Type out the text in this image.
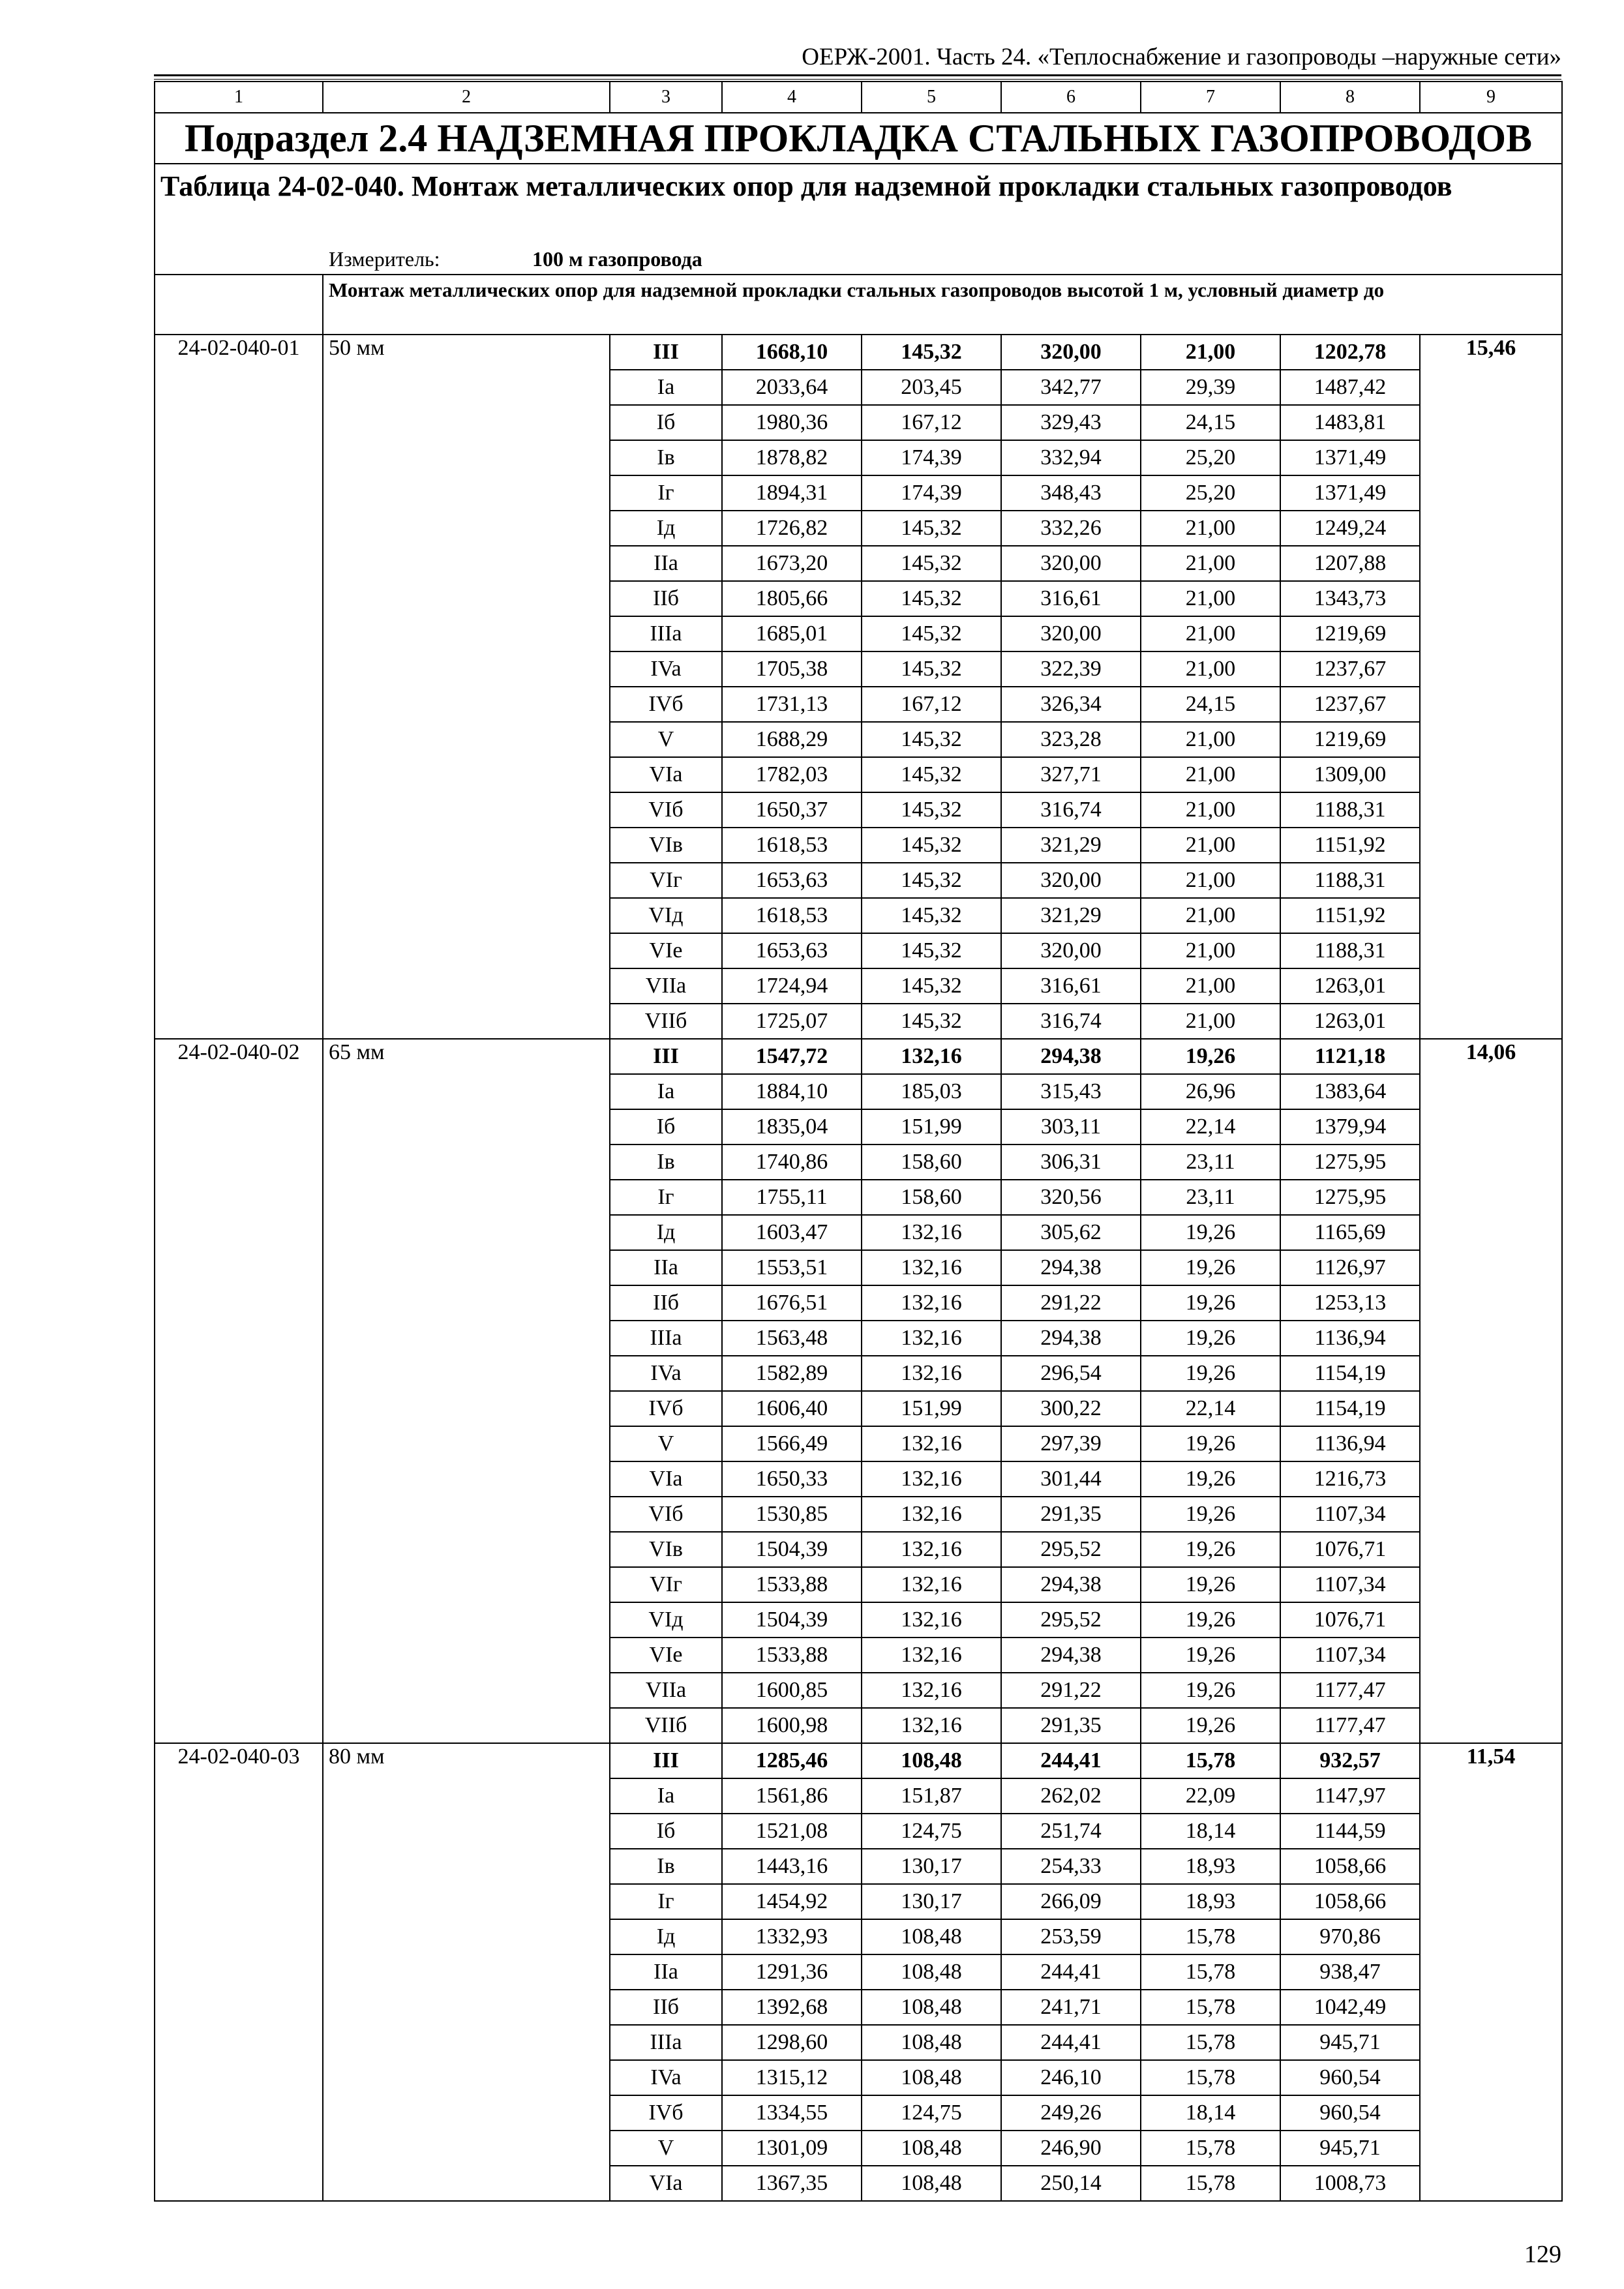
ОЕРЖ-2001. Часть 24. «Теплоснабжение и газопроводы –наружные сети»
1	2	3	4	5	6	7	8	9
Подраздел 2.4 НАДЗЕМНАЯ ПРОКЛАДКА СТАЛЬНЫХ ГАЗОПРОВОДОВ								
Таблица 24-02-040. Монтаж металлических опор для надземной прокладки стальных газопроводов								
Измеритель: 100 м газопровода								
	Монтаж металлических опор для надземной прокладки стальных газопроводов высотой 1 м, условный диаметр до							
24-02-040-01	50 мм	III	1668,10	145,32	320,00	21,00	1202,78	15,46
		Ia	2033,64	203,45	342,77	29,39	1487,42	
		Iб	1980,36	167,12	329,43	24,15	1483,81	
		Iв	1878,82	174,39	332,94	25,20	1371,49	
		Iг	1894,31	174,39	348,43	25,20	1371,49	
		Iд	1726,82	145,32	332,26	21,00	1249,24	
		IIa	1673,20	145,32	320,00	21,00	1207,88	
		IIб	1805,66	145,32	316,61	21,00	1343,73	
		IIIa	1685,01	145,32	320,00	21,00	1219,69	
		IVa	1705,38	145,32	322,39	21,00	1237,67	
		IVб	1731,13	167,12	326,34	24,15	1237,67	
		V	1688,29	145,32	323,28	21,00	1219,69	
		VIa	1782,03	145,32	327,71	21,00	1309,00	
		VIб	1650,37	145,32	316,74	21,00	1188,31	
		VIв	1618,53	145,32	321,29	21,00	1151,92	
		VIг	1653,63	145,32	320,00	21,00	1188,31	
		VIд	1618,53	145,32	321,29	21,00	1151,92	
		VIe	1653,63	145,32	320,00	21,00	1188,31	
		VIIa	1724,94	145,32	316,61	21,00	1263,01	
		VIIб	1725,07	145,32	316,74	21,00	1263,01	
24-02-040-02	65 мм	III	1547,72	132,16	294,38	19,26	1121,18	14,06
		Ia	1884,10	185,03	315,43	26,96	1383,64	
		Iб	1835,04	151,99	303,11	22,14	1379,94	
		Iв	1740,86	158,60	306,31	23,11	1275,95	
		Iг	1755,11	158,60	320,56	23,11	1275,95	
		Iд	1603,47	132,16	305,62	19,26	1165,69	
		IIa	1553,51	132,16	294,38	19,26	1126,97	
		IIб	1676,51	132,16	291,22	19,26	1253,13	
		IIIa	1563,48	132,16	294,38	19,26	1136,94	
		IVa	1582,89	132,16	296,54	19,26	1154,19	
		IVб	1606,40	151,99	300,22	22,14	1154,19	
		V	1566,49	132,16	297,39	19,26	1136,94	
		VIa	1650,33	132,16	301,44	19,26	1216,73	
		VIб	1530,85	132,16	291,35	19,26	1107,34	
		VIв	1504,39	132,16	295,52	19,26	1076,71	
		VIг	1533,88	132,16	294,38	19,26	1107,34	
		VIд	1504,39	132,16	295,52	19,26	1076,71	
		VIe	1533,88	132,16	294,38	19,26	1107,34	
		VIIa	1600,85	132,16	291,22	19,26	1177,47	
		VIIб	1600,98	132,16	291,35	19,26	1177,47	
24-02-040-03	80 мм	III	1285,46	108,48	244,41	15,78	932,57	11,54
		Ia	1561,86	151,87	262,02	22,09	1147,97	
		Iб	1521,08	124,75	251,74	18,14	1144,59	
		Iв	1443,16	130,17	254,33	18,93	1058,66	
		Iг	1454,92	130,17	266,09	18,93	1058,66	
		Iд	1332,93	108,48	253,59	15,78	970,86	
		IIa	1291,36	108,48	244,41	15,78	938,47	
		IIб	1392,68	108,48	241,71	15,78	1042,49	
		IIIa	1298,60	108,48	244,41	15,78	945,71	
		IVa	1315,12	108,48	246,10	15,78	960,54	
		IVб	1334,55	124,75	249,26	18,14	960,54	
		V	1301,09	108,48	246,90	15,78	945,71	
		VIa	1367,35	108,48	250,14	15,78	1008,73	
129
